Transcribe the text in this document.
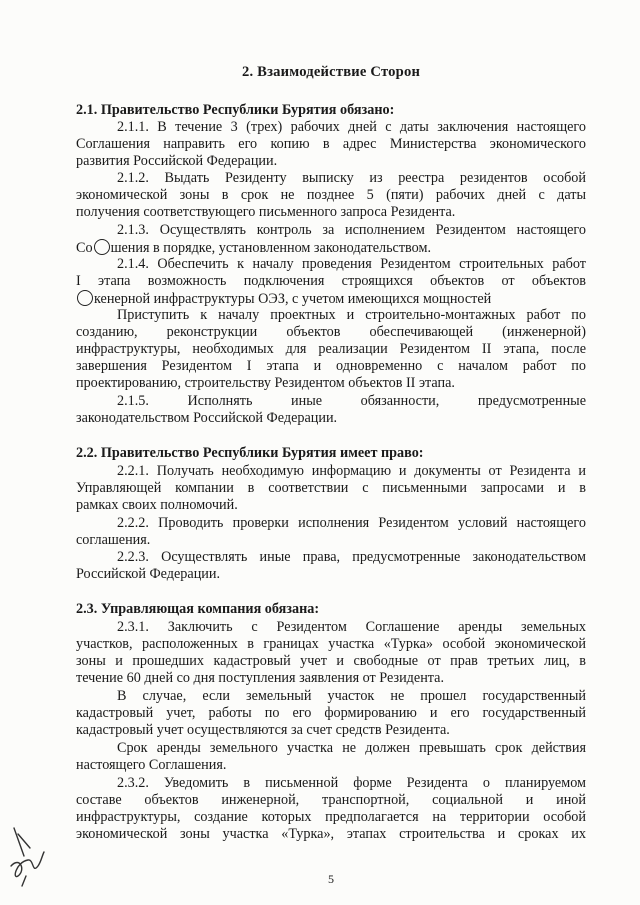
2. Взаимодействие Сторон
2.1. Правительство Республики Бурятия обязано:
2.1.1. В течение 3 (трех) рабочих дней с даты заключения настоящего
Соглашения направить его копию в адрес Министерства экономического
развития Российской Федерации.
2.1.2. Выдать Резиденту выписку из реестра резидентов особой
экономической зоны в срок не позднее 5 (пяти) рабочих дней с даты
получения соответствующего письменного запроса Резидента.
2.1.3. Осуществлять контроль за исполнением Резидентом настоящего
Со○шения в порядке, установленном законодательством.
2.1.4. Обеспечить к началу проведения Резидентом строительных работ
I этапа возможность подключения строящихся объектов от объектов
кенерной инфраструктуры ОЭЗ, с учетом имеющихся мощностей
Приступить к началу проектных и строительно-монтажных работ по
созданию, реконструкции объектов обеспечивающей (инженерной)
инфраструктуры, необходимых для реализации Резидентом II этапа, после
завершения Резидентом I этапа и одновременно с началом работ по
проектированию, строительству Резидентом объектов II этапа.
2.1.5. Исполнять иные обязанности, предусмотренные
законодательством Российской Федерации.
2.2. Правительство Республики Бурятия имеет право:
2.2.1. Получать необходимую информацию и документы от Резидента и
Управляющей компании в соответствии с письменными запросами и в
рамках своих полномочий.
2.2.2. Проводить проверки исполнения Резидентом условий настоящего
соглашения.
2.2.3. Осуществлять иные права, предусмотренные законодательством
Российской Федерации.
2.3. Управляющая компания обязана:
2.3.1. Заключить с Резидентом Соглашение аренды земельных
участков, расположенных в границах участка «Турка» особой экономической
зоны и прошедших кадастровый учет и свободные от прав третьих лиц, в
течение 60 дней со дня поступления заявления от Резидента.
В случае, если земельный участок не прошел государственный
кадастровый учет, работы по его формированию и его государственный
кадастровый учет осуществляются за счет средств Резидента.
Срок аренды земельного участка не должен превышать срок действия
настоящего Соглашения.
2.3.2. Уведомить в письменной форме Резидента о планируемом
составе объектов инженерной, транспортной, социальной и иной
инфраструктуры, создание которых предполагается на территории особой
экономической зоны участка «Турка», этапах строительства и сроках их
5
